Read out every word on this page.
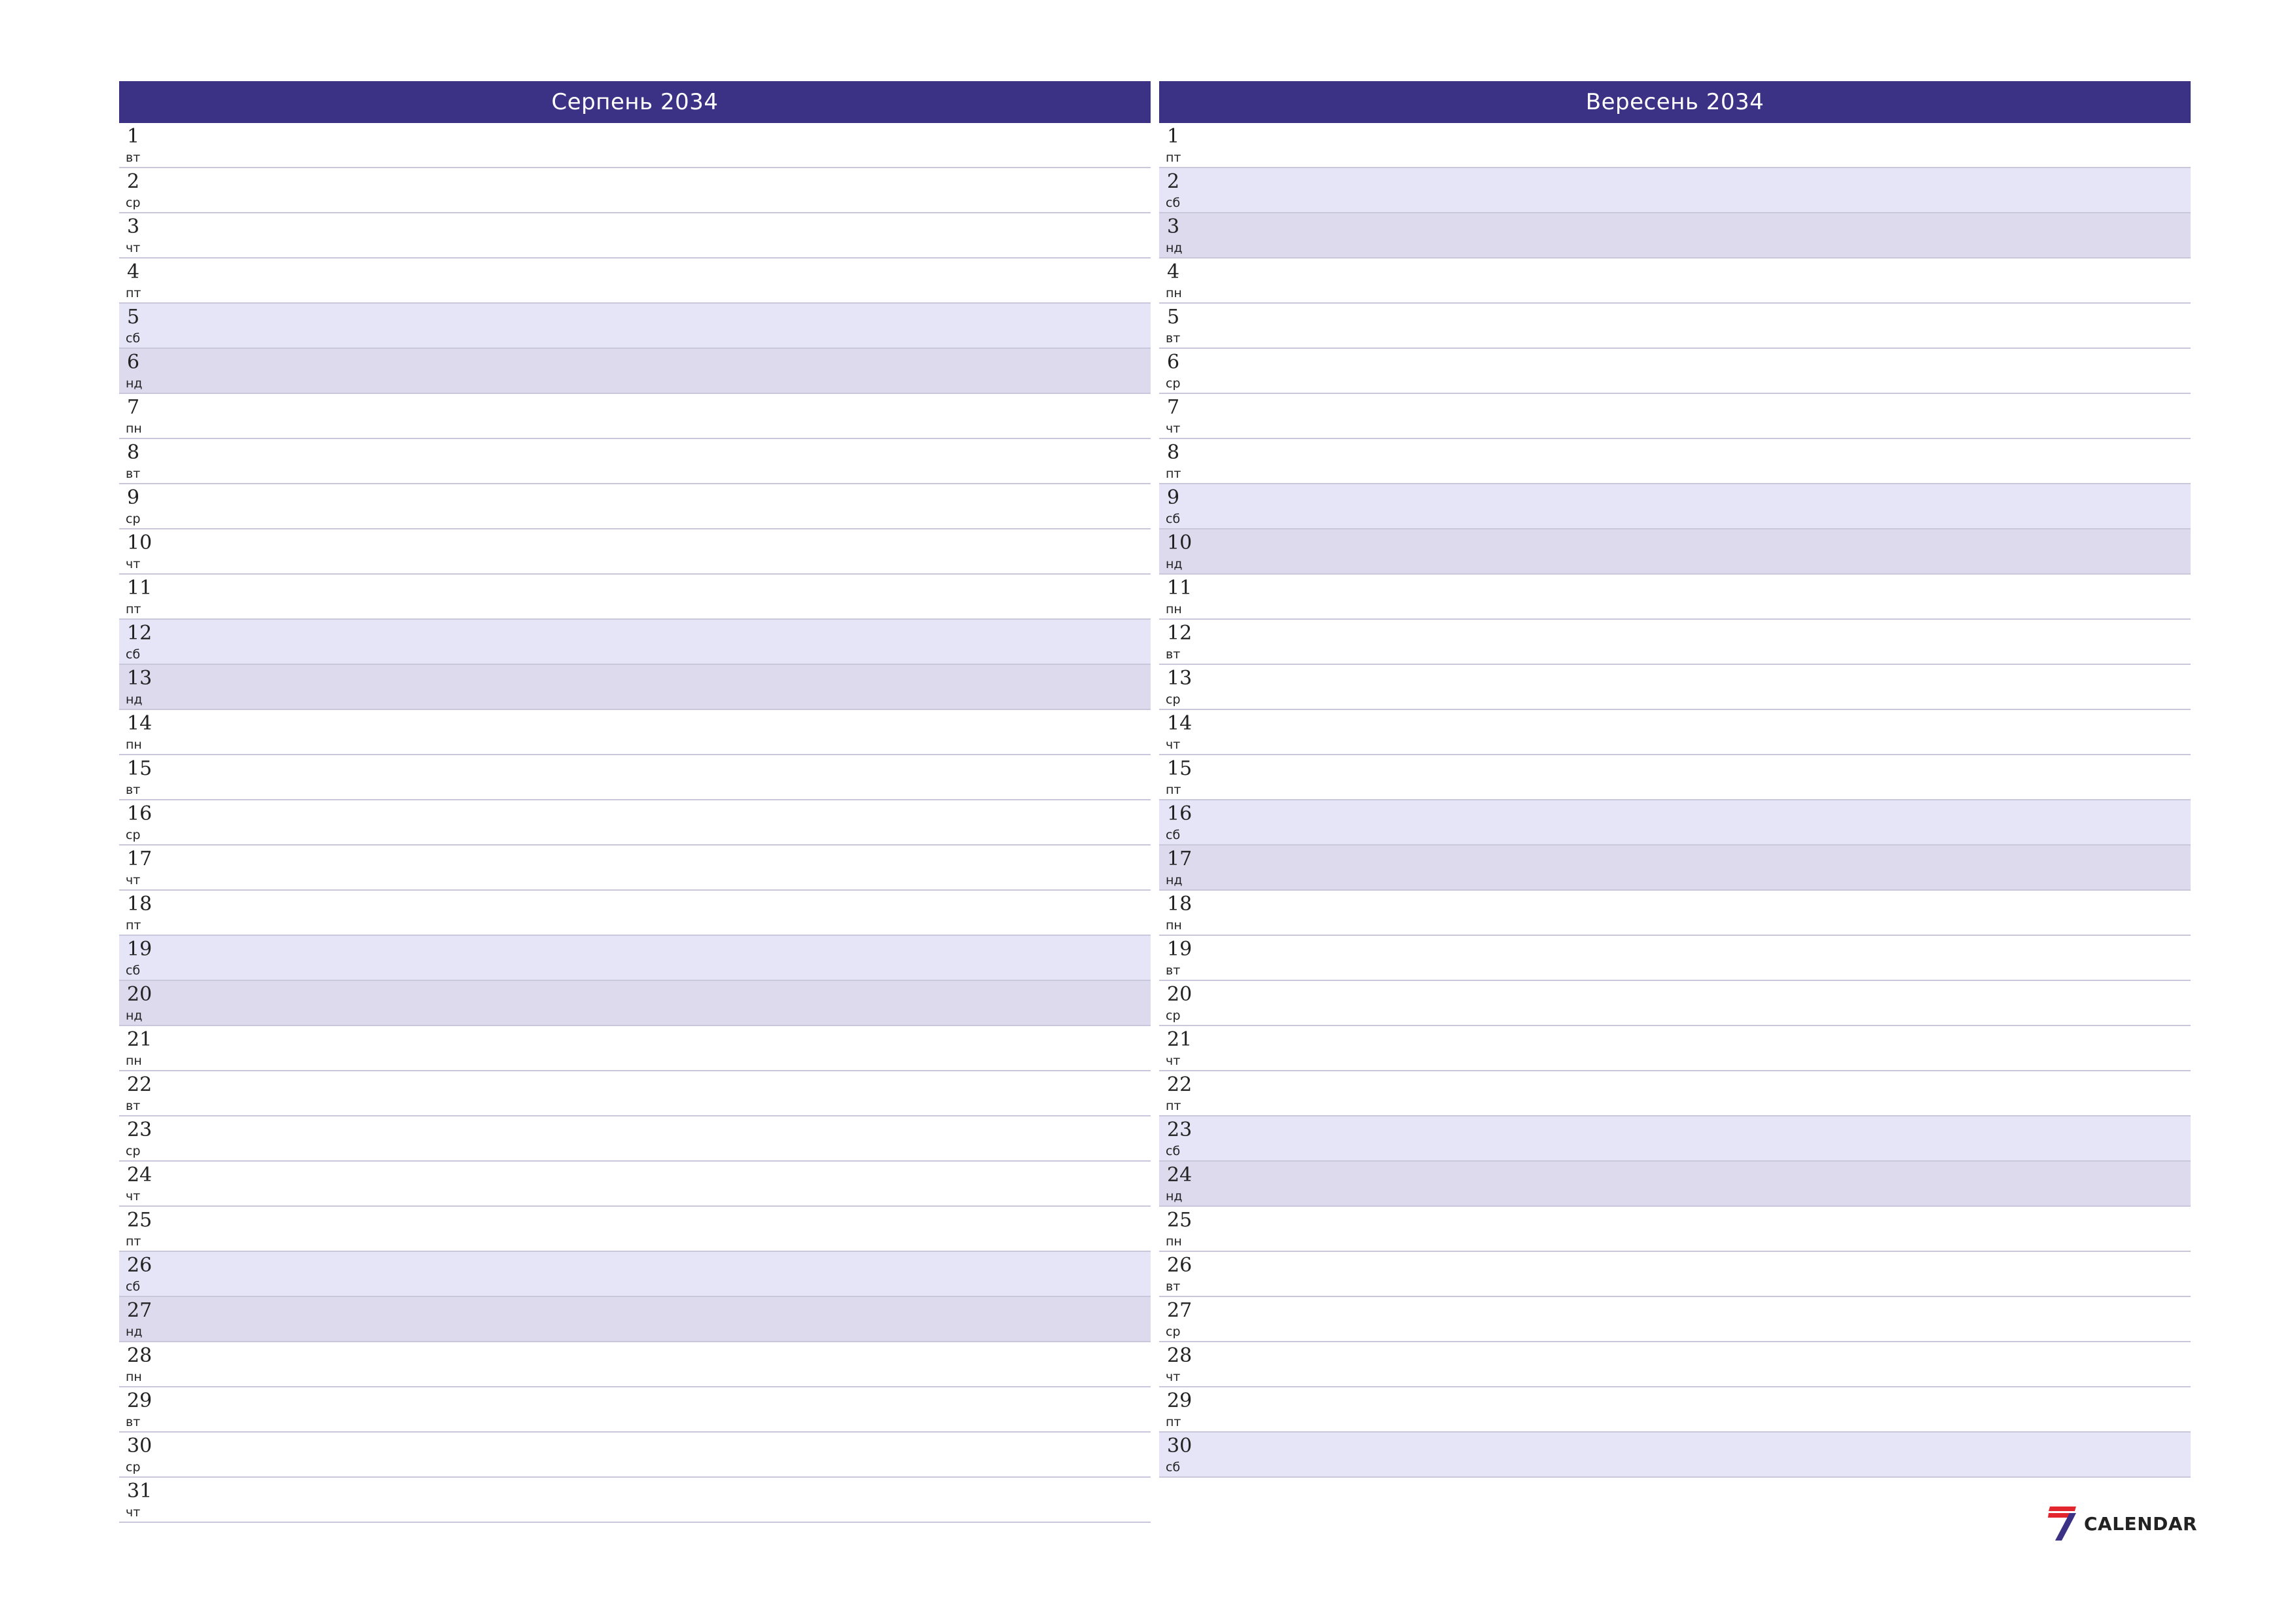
Серпень 2034
1
вт
2
ср
3
чт
4
пт
5
сб
6
нд
7
пн
8
вт
9
ср
10
чт
11
пт
12
сб
13
нд
14
пн
15
вт
16
ср
17
чт
18
пт
19
сб
20
нд
21
пн
22
вт
23
ср
24
чт
25
пт
26
сб
27
нд
28
пн
29
вт
30
ср
31
чт
Вересень 2034
1
пт
2
сб
3
нд
4
пн
5
вт
6
ср
7
чт
8
пт
9
сб
10
нд
11
пн
12
вт
13
ср
14
чт
15
пт
16
сб
17
нд
18
пн
19
вт
20
ср
21
чт
22
пт
23
сб
24
нд
25
пн
26
вт
27
ср
28
чт
29
пт
30
сб
CALENDAR
